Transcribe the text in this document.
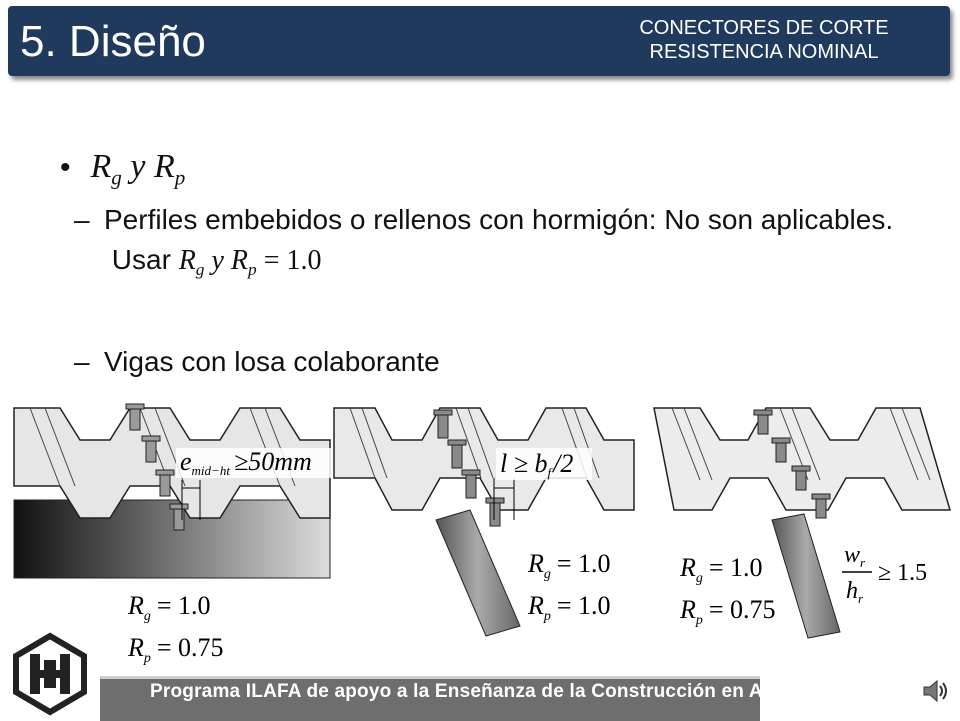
5. Diseño	CONECTORES DE CORTE
RESISTENCIA NOMINAL
• $R_g$ y $R_p$
– Perfiles embebidos o rellenos con hormigón: No son aplicables. Usar $R_g$ y $R_p = 1.0$
– Vigas con losa colaborante
emid−ht ≥50mm
$R_g = 1.0$
$R_p = 0.75$
l ≥ bf/2
$R_g = 1.0$
$R_p = 1.0$
$R_g = 1.0$
$R_p = 0.75$
$w_r$
$h_r$
≥ 1.5
Programa ILAFA de apoyo a la Enseñanza de la Construcción en Acero
